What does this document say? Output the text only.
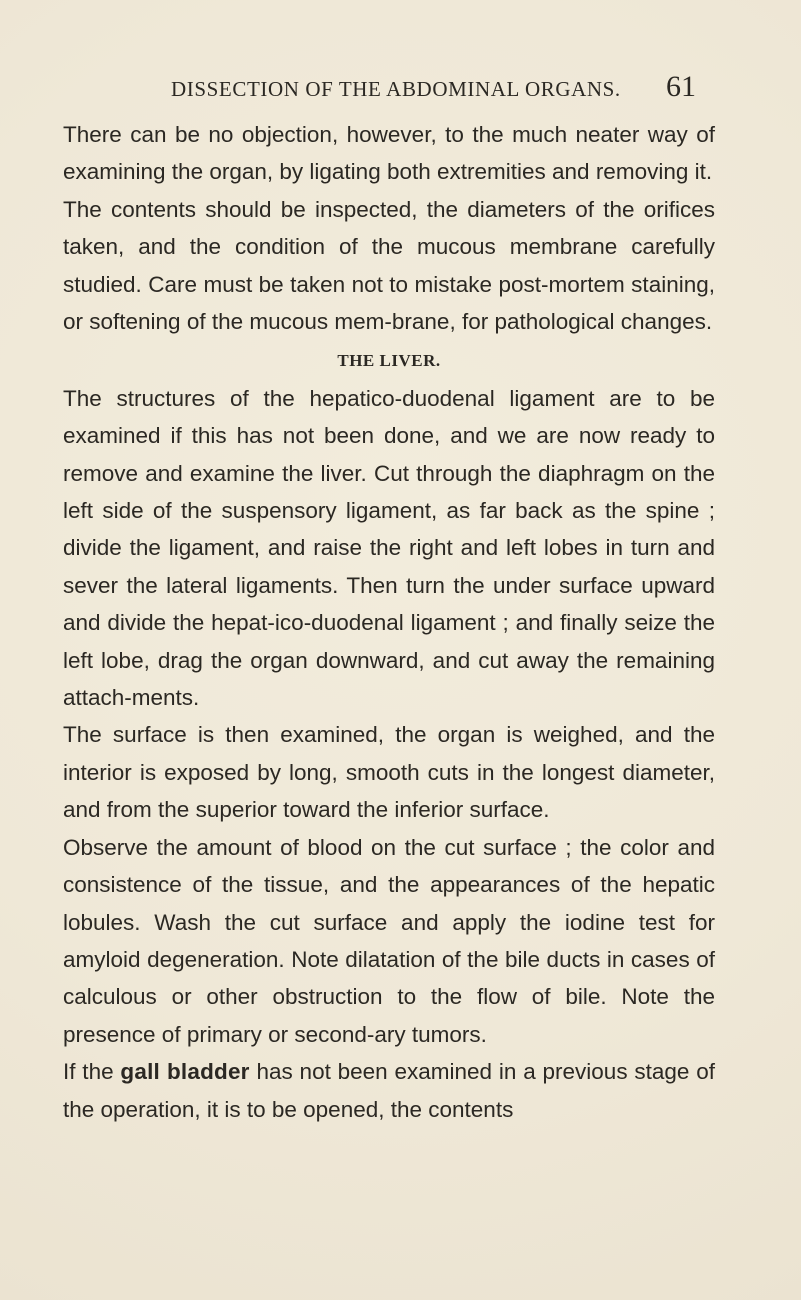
DISSECTION OF THE ABDOMINAL ORGANS. 61

There can be no objection, however, to the much neater way of examining the organ, by ligating both extremities and removing it.

The contents should be inspected, the diameters of the orifices taken, and the condition of the mucous membrane carefully studied. Care must be taken not to mistake post-mortem staining, or softening of the mucous mem-brane, for pathological changes.

THE LIVER.

The structures of the hepatico-duodenal ligament are to be examined if this has not been done, and we are now ready to remove and examine the liver. Cut through the diaphragm on the left side of the suspensory ligament, as far back as the spine ; divide the ligament, and raise the right and left lobes in turn and sever the lateral ligaments. Then turn the under surface upward and divide the hepat-ico-duodenal ligament ; and finally seize the left lobe, drag the organ downward, and cut away the remaining attach-ments.

The surface is then examined, the organ is weighed, and the interior is exposed by long, smooth cuts in the longest diameter, and from the superior toward the inferior surface.

Observe the amount of blood on the cut surface ; the color and consistence of the tissue, and the appearances of the hepatic lobules. Wash the cut surface and apply the iodine test for amyloid degeneration. Note dilatation of the bile ducts in cases of calculous or other obstruction to the flow of bile. Note the presence of primary or second-ary tumors.

If the gall bladder has not been examined in a previous stage of the operation, it is to be opened, the contents
